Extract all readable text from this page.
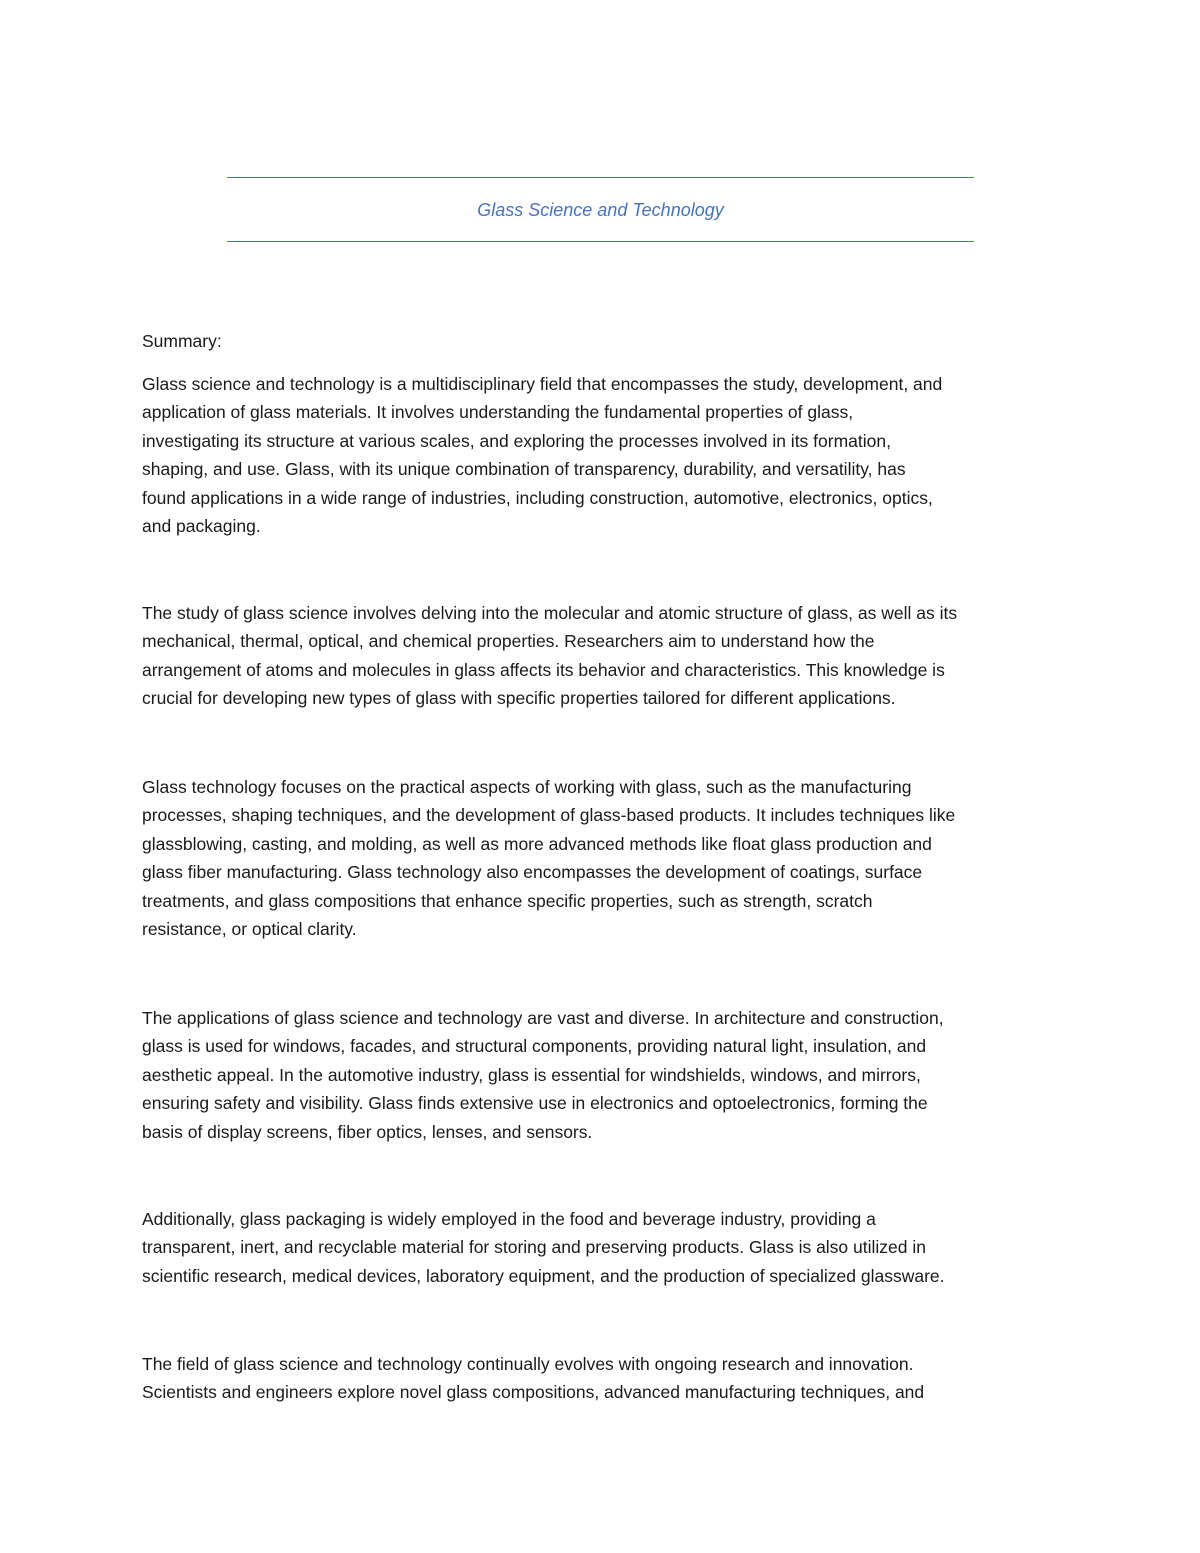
Glass Science and Technology

Summary:

Glass science and technology is a multidisciplinary field that encompasses the study, development, and
application of glass materials. It involves understanding the fundamental properties of glass,
investigating its structure at various scales, and exploring the processes involved in its formation,
shaping, and use. Glass, with its unique combination of transparency, durability, and versatility, has
found applications in a wide range of industries, including construction, automotive, electronics, optics,
and packaging.

The study of glass science involves delving into the molecular and atomic structure of glass, as well as its
mechanical, thermal, optical, and chemical properties. Researchers aim to understand how the
arrangement of atoms and molecules in glass affects its behavior and characteristics. This knowledge is
crucial for developing new types of glass with specific properties tailored for different applications.

Glass technology focuses on the practical aspects of working with glass, such as the manufacturing
processes, shaping techniques, and the development of glass-based products. It includes techniques like
glassblowing, casting, and molding, as well as more advanced methods like float glass production and
glass fiber manufacturing. Glass technology also encompasses the development of coatings, surface
treatments, and glass compositions that enhance specific properties, such as strength, scratch
resistance, or optical clarity.

The applications of glass science and technology are vast and diverse. In architecture and construction,
glass is used for windows, facades, and structural components, providing natural light, insulation, and
aesthetic appeal. In the automotive industry, glass is essential for windshields, windows, and mirrors,
ensuring safety and visibility. Glass finds extensive use in electronics and optoelectronics, forming the
basis of display screens, fiber optics, lenses, and sensors.

Additionally, glass packaging is widely employed in the food and beverage industry, providing a
transparent, inert, and recyclable material for storing and preserving products. Glass is also utilized in
scientific research, medical devices, laboratory equipment, and the production of specialized glassware.

The field of glass science and technology continually evolves with ongoing research and innovation.
Scientists and engineers explore novel glass compositions, advanced manufacturing techniques, and
